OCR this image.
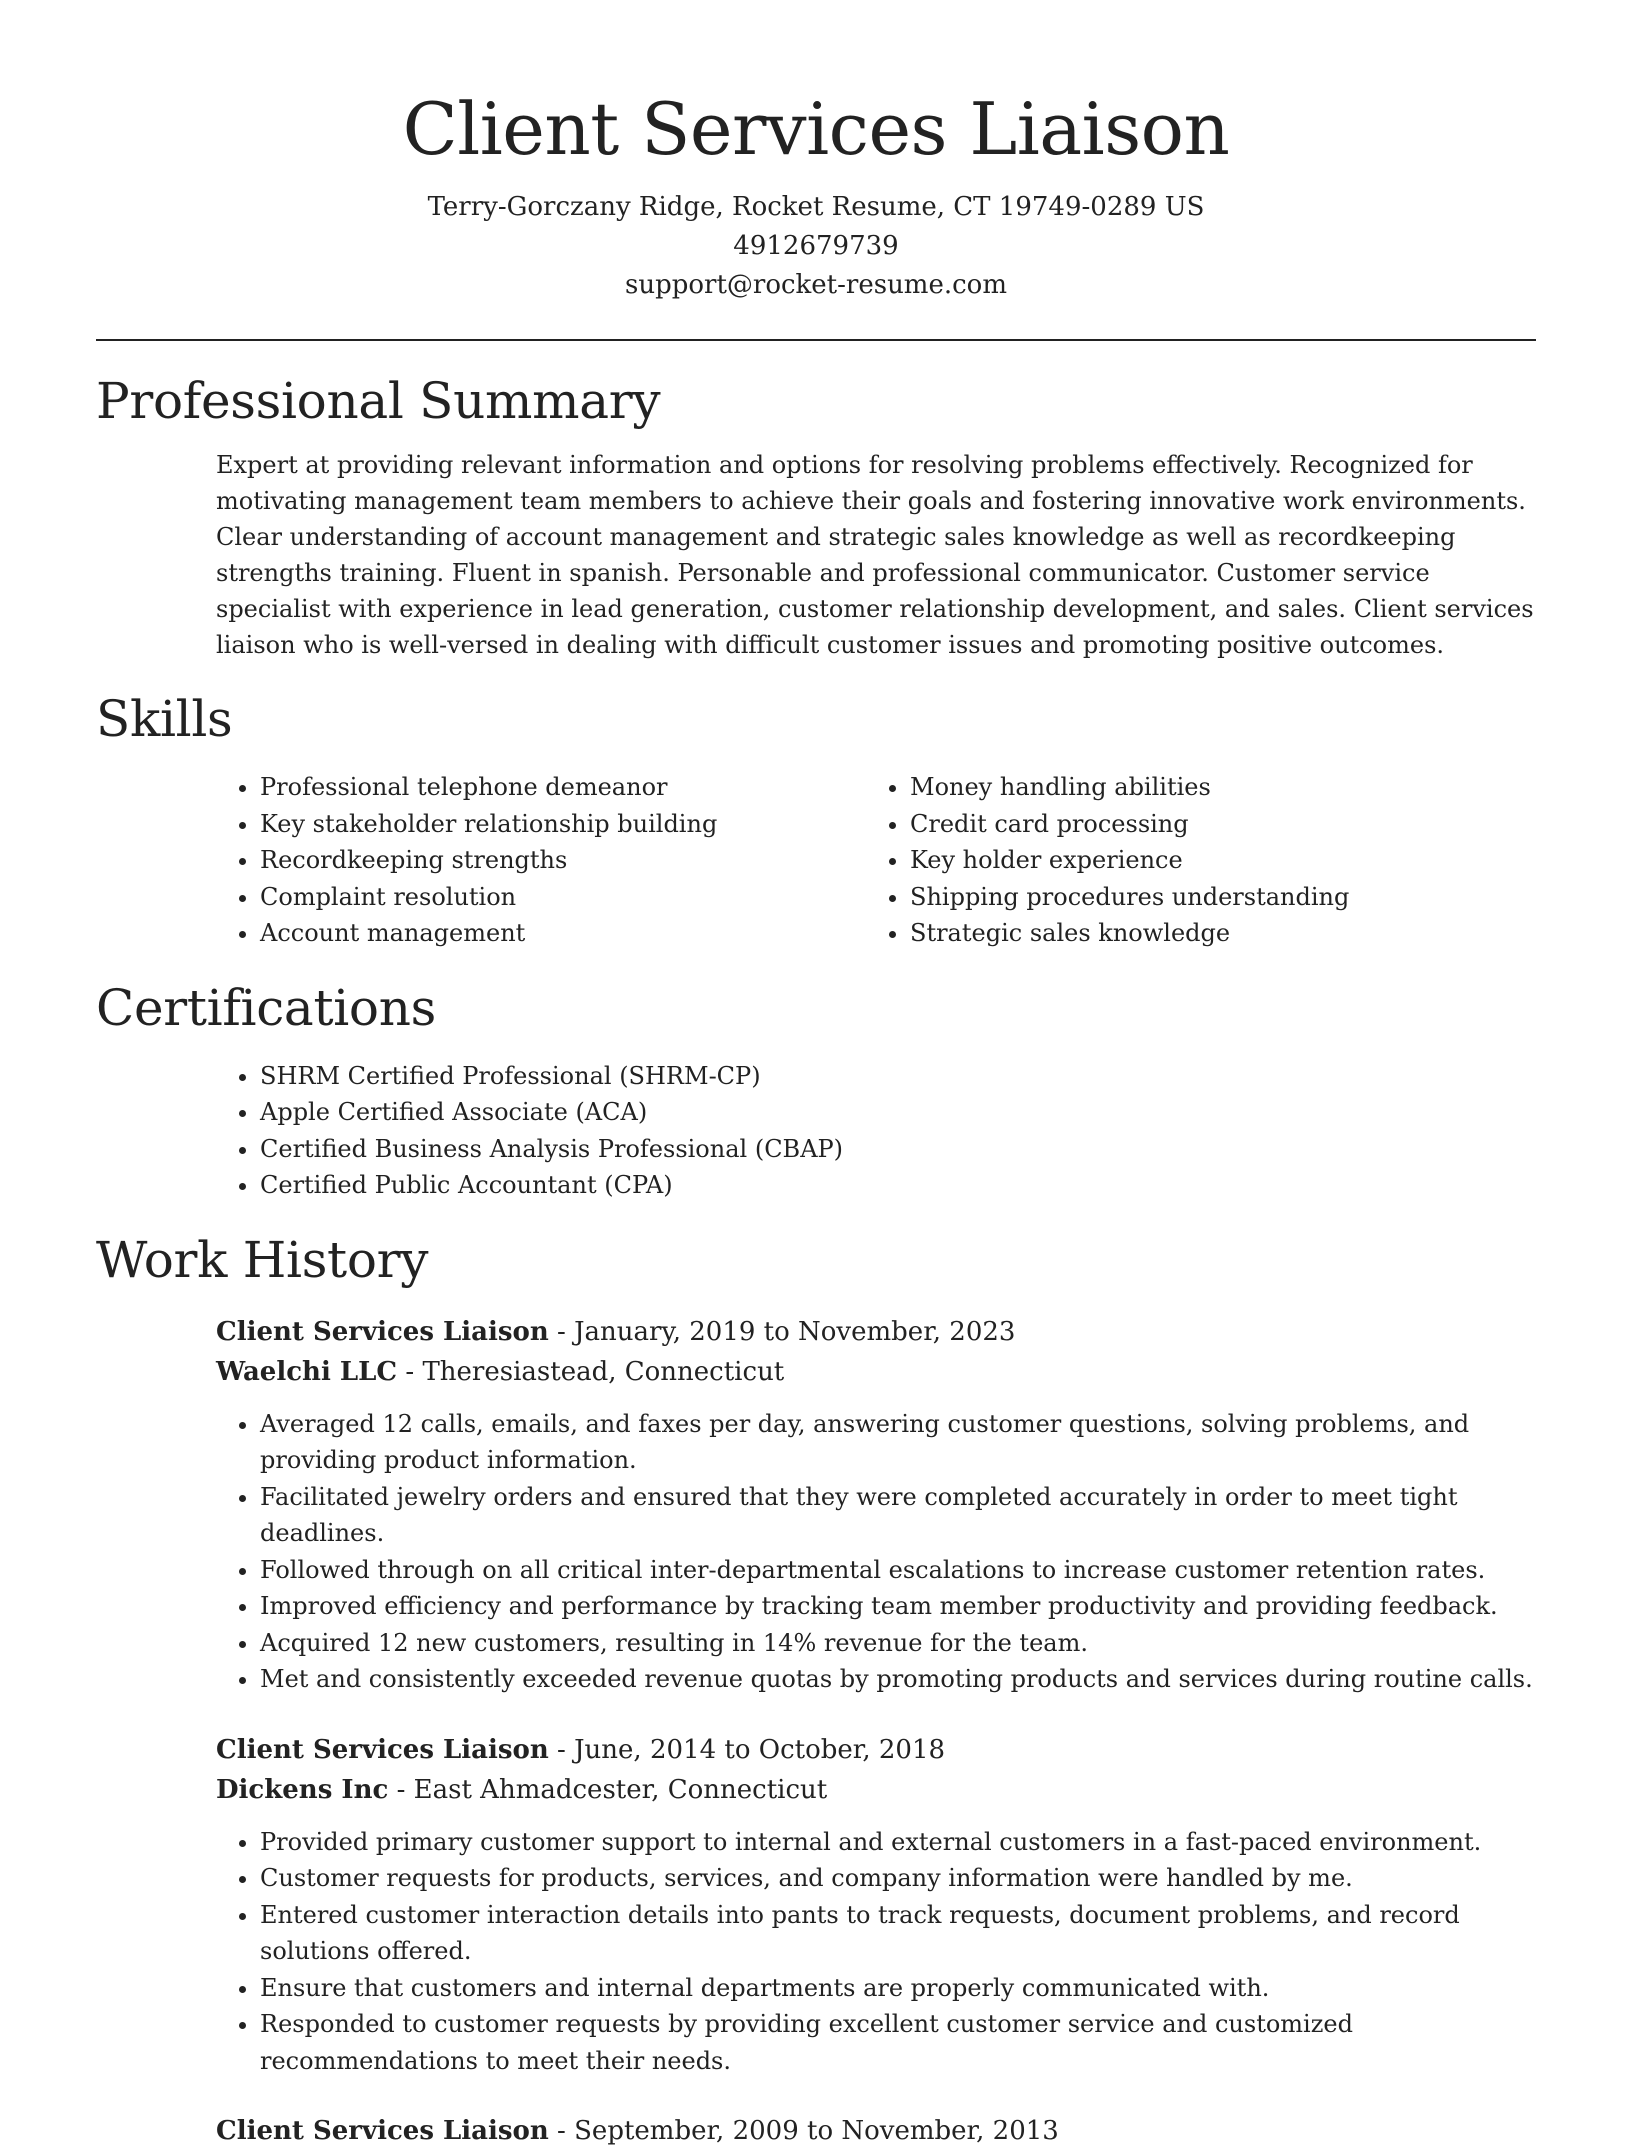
Client Services Liaison
Terry-Gorczany Ridge, Rocket Resume, CT 19749-0289 US
4912679739
support@rocket-resume.com
Professional Summary

Expert at providing relevant information and options for resolving problems effectively. Recognized for motivating management team members to achieve their goals and fostering innovative work environments. Clear understanding of account management and strategic sales knowledge as well as recordkeeping strengths training. Fluent in spanish. Personable and professional communicator. Customer service specialist with experience in lead generation, customer relationship development, and sales. Client services liaison who is well-versed in dealing with difficult customer issues and promoting positive outcomes.

Skills
• Professional telephone demeanor
• Key stakeholder relationship building
• Recordkeeping strengths
• Complaint resolution
• Account management
• Money handling abilities
• Credit card processing
• Key holder experience
• Shipping procedures understanding
• Strategic sales knowledge
Certifications
• SHRM Certified Professional (SHRM-CP)
• Apple Certified Associate (ACA)
• Certified Business Analysis Professional (CBAP)
• Certified Public Accountant (CPA)
Work History
Client Services Liaison - January, 2019 to November, 2023
Waelchi LLC - Theresiastead, Connecticut
• Averaged 12 calls, emails, and faxes per day, answering customer questions, solving problems, and providing product information.
• Facilitated jewelry orders and ensured that they were completed accurately in order to meet tight deadlines.
• Followed through on all critical inter-departmental escalations to increase customer retention rates.
• Improved efficiency and performance by tracking team member productivity and providing feedback.
• Acquired 12 new customers, resulting in 14% revenue for the team.
• Met and consistently exceeded revenue quotas by promoting products and services during routine calls.
Client Services Liaison - June, 2014 to October, 2018
Dickens Inc - East Ahmadcester, Connecticut
• Provided primary customer support to internal and external customers in a fast-paced environment.
• Customer requests for products, services, and company information were handled by me.
• Entered customer interaction details into pants to track requests, document problems, and record solutions offered.
• Ensure that customers and internal departments are properly communicated with.
• Responded to customer requests by providing excellent customer service and customized recommendations to meet their needs.
Client Services Liaison - September, 2009 to November, 2013
